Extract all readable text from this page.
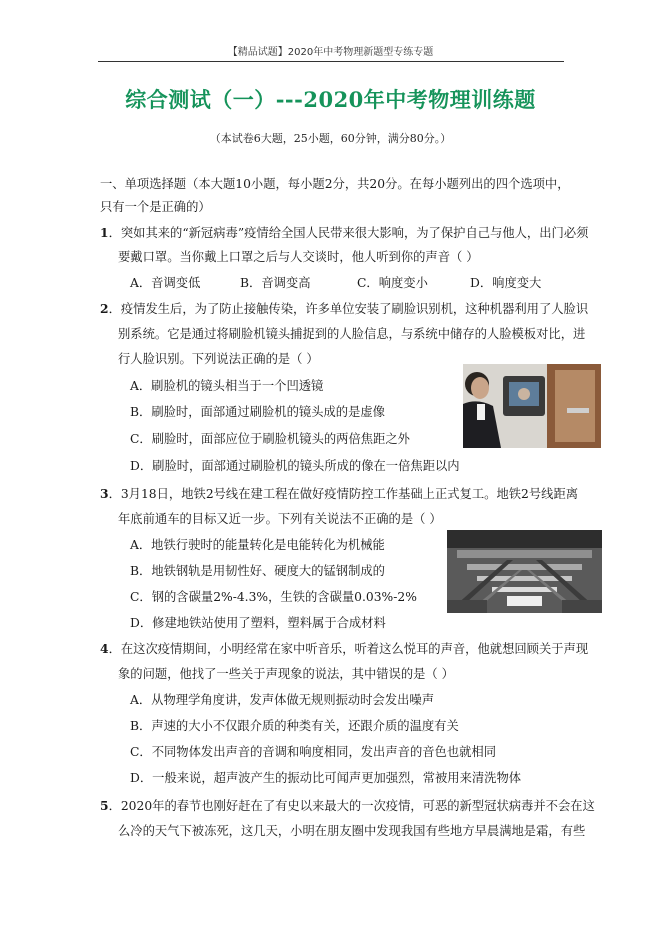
【精品试题】2020年中考物理新题型专练专题
综合测试（一）---2020年中考物理训练题
（本试卷6大题，25小题，60分钟，满分80分。）
一、单项选择题（本大题10小题，每小题2分，共20分。在每小题列出的四个选项中，
只有一个是正确的）
1．突如其来的“新冠病毒”疫情给全国人民带来很大影响，为了保护自己与他人，出门必须
要戴口罩。当你戴上口罩之后与人交谈时，他人听到你的声音（ ）
A．音调变低	B．音调变高	C．响度变小	D．响度变大
2．疫情发生后，为了防止接触传染，许多单位安装了刷脸识别机，这种机器利用了人脸识
别系统。它是通过将刷脸机镜头捕捉到的人脸信息，与系统中储存的人脸模板对比，进
行人脸识别。下列说法正确的是（ ）
A．刷脸机的镜头相当于一个凹透镜
B．刷脸时，面部通过刷脸机的镜头成的是虚像
C．刷脸时，面部应位于刷脸机镜头的两倍焦距之外
D．刷脸时，面部通过刷脸机的镜头所成的像在一倍焦距以内
3．3月18日，地铁2号线在建工程在做好疫情防控工作基础上正式复工。地铁2号线距离
年底前通车的目标又近一步。下列有关说法不正确的是（ ）
A．地铁行驶时的能量转化是电能转化为机械能
B．地铁钢轨是用韧性好、硬度大的锰钢制成的
C．钢的含碳量2%-4.3%，生铁的含碳量0.03%-2%
D．修建地铁站使用了塑料，塑料属于合成材料
4．在这次疫情期间，小明经常在家中听音乐，听着这么悦耳的声音，他就想回顾关于声现
象的问题，他找了一些关于声现象的说法，其中错误的是（ ）
A．从物理学角度讲，发声体做无规则振动时会发出噪声
B．声速的大小不仅跟介质的种类有关，还跟介质的温度有关
C．不同物体发出声音的音调和响度相同，发出声音的音色也就相同
D．一般来说，超声波产生的振动比可闻声更加强烈，常被用来清洗物体
5．2020年的春节也刚好赶在了有史以来最大的一次疫情，可恶的新型冠状病毒并不会在这
么冷的天气下被冻死，这几天，小明在朋友圈中发现我国有些地方早晨满地是霜，有些
